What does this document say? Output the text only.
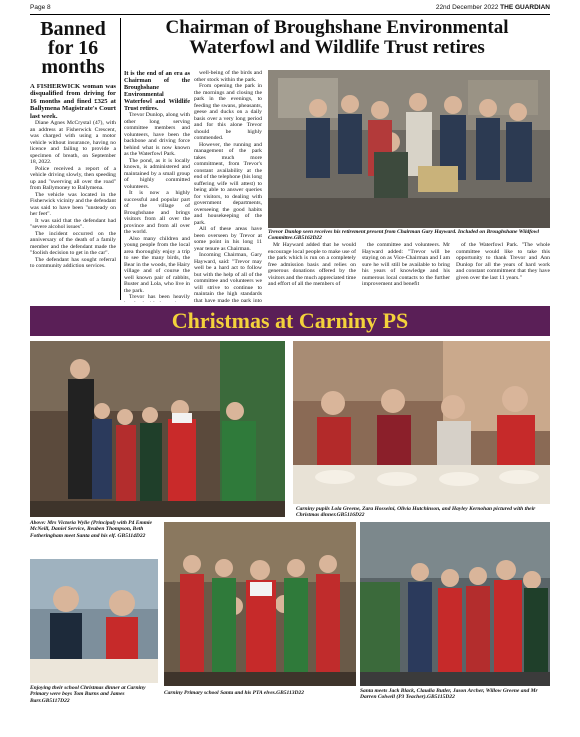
Page 8	22nd December 2022 THE GUARDIAN
Banned for 16 months
A FISHERWICK woman was disqualified from driving for 16 months and fined £325 at Ballymena Magistrate's Court last week.

Diane Agnes McCrystal (47), with an address at Fisherwick Crescent, was charged with using a motor vehicle without insurance, having no licence and failing to provide a specimen of breath, on September 18, 2022.

Police received a report of a vehicle driving slowly, then speeding up and "swerving all over the road" from Ballymoney to Ballymena.

The vehicle was located in the Fisherwick vicinity and the defendant was said to have been "unsteady on her feet".

It was said that the defendant had "severe alcohol issues".

The incident occurred on the anniversary of the death of a family member and the defendant made the "foolish decision to get in the car".

The defendant has sought referral to community addiction services.

Chairman of Broughshane Environmental Waterfowl and Wildlife Trust retires

It is the end of an era as Chairman of the Broughshane Environmental Waterfowl and Wildlife Trust retires.

Trevor Dunlop, along with other long serving committee members and volunteers, have been the backbone and driving force behind what is now known as the Waterfowl Park.

The pond, as it is locally known, is administered and maintained by a small group of highly committed volunteers.

It is now a highly successful and popular part of the village of Broughshane and brings visitors from all over the province and from all over the world.

Also many children and young people from the local area thoroughly enjoy a trip to see the many birds, the Bear in the woods, the Hairy village and of course the well known pair of rabbits, Buster and Lola, who live in the park.

Trevor has been heavily

well-being of the birds and other stock within the park.

From opening the park in the mornings and closing the park in the evenings, to feeding the swans, pheasants, geese and ducks on a daily basis over a very long period and for this alone Trevor should be highly commended.

However, the running and management of the park takes much more commitment, from Trevor's constant availability at the end of the telephone (his long suffering wife will attest) to being able to answer queries for visitors, to dealing with government departments, overseeing the good habits and housekeeping of the park.

All of these areas have been overseen by Trevor at some point in his long 11 year tenure as Chairman.

Incoming Chairman, Gary Hayward, said: "Trevor may well be a hard act to follow but with the help of all of the committee and volunteers we will strive to continue to maintain the high standards that have made the park into

Trevor Dunlop seen receives his retirement present from Chairman Gary Hayward. Included on Broughshane Wildfowl Committee.GB5162D22

Mr Hayward added that he would encourage local people to make use of the park which is run on a completely free admission basis and relies on generous donations offered by the visitors and the much appreciated time and effort of all the members of

the committee and volunteers. Mr Hayward added: "Trevor will be staying on as Vice-Chairman and I am sure he will still be available to bring his years of knowledge and his numerous local contacts to the further improvement and benefit

of the Waterfowl Park. "The whole committee would like to take this opportunity to thank Trevor and Ann Dunlop for all the years of hard work and constant commitment that they have given over the last 11 years."

Christmas at Carniny PS
Above: Mrs Victoria Wylie (Principal) with P4 Emmie McNeill, Daniel Service, Reuben Thompson, Beth Fotheringham meet Santa and his elf. GB5114D22
Carniny pupils Lola Greene, Zara Hosseini, Olivia Hutchinson, and Hayley Kernohan pictured with their Christmas dinner.GB5116D22
Enjoying their school Christmas dinner at Carniny Primary were boys Tom Burns and James Barr.GB5117D22
Carniny Primary school Santa and his PTA elves.GB5113D22	Santa meets Jack Black, Claudia Butler, Jason Archer, Willow Greene and Mr Darren Colwell (P3 Teacher).GB5115D22
